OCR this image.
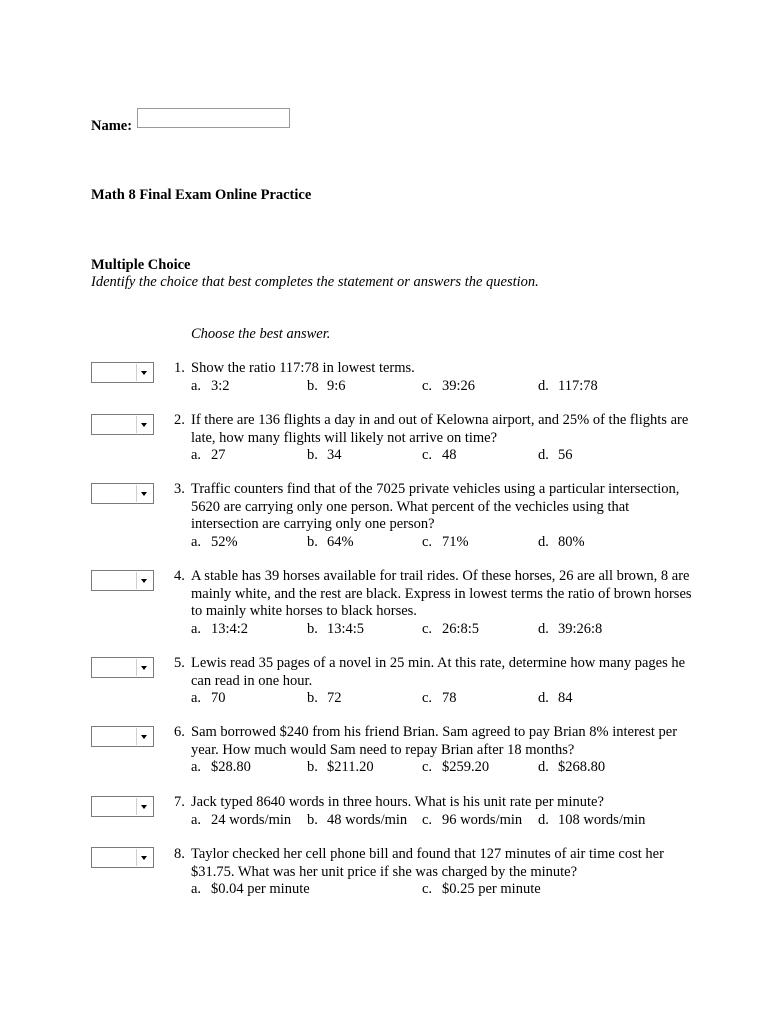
Name:
Math 8 Final Exam Online Practice
Multiple Choice
Identify the choice that best completes the statement or answers the question.
Choose the best answer.
1. Show the ratio 117:78 in lowest terms.
a. 3:2	b. 9:6	c. 39:26	d. 117:78
2. If there are 136 flights a day in and out of Kelowna airport, and 25% of the flights are late, how many flights will likely not arrive on time?
a. 27	b. 34	c. 48	d. 56
3. Traffic counters find that of the 7025 private vehicles using a particular intersection, 5620 are carrying only one person. What percent of the vechicles using that intersection are carrying only one person?
a. 52%	b. 64%	c. 71%	d. 80%
4. A stable has 39 horses available for trail rides. Of these horses, 26 are all brown, 8 are mainly white, and the rest are black. Express in lowest terms the ratio of brown horses to mainly white horses to black horses.
a. 13:4:2	b. 13:4:5	c. 26:8:5	d. 39:26:8
5. Lewis read 35 pages of a novel in 25 min. At this rate, determine how many pages he can read in one hour.
a. 70	b. 72	c. 78	d. 84
6. Sam borrowed $240 from his friend Brian. Sam agreed to pay Brian 8% interest per year. How much would Sam need to repay Brian after 18 months?
a. $28.80	b. $211.20	c. $259.20	d. $268.80
7. Jack typed 8640 words in three hours. What is his unit rate per minute?
a. 24 words/min b. 48 words/min c. 96 words/min d. 108 words/min
8. Taylor checked her cell phone bill and found that 127 minutes of air time cost her $31.75. What was her unit price if she was charged by the minute?
a. $0.04 per minute	c. $0.25 per minute
